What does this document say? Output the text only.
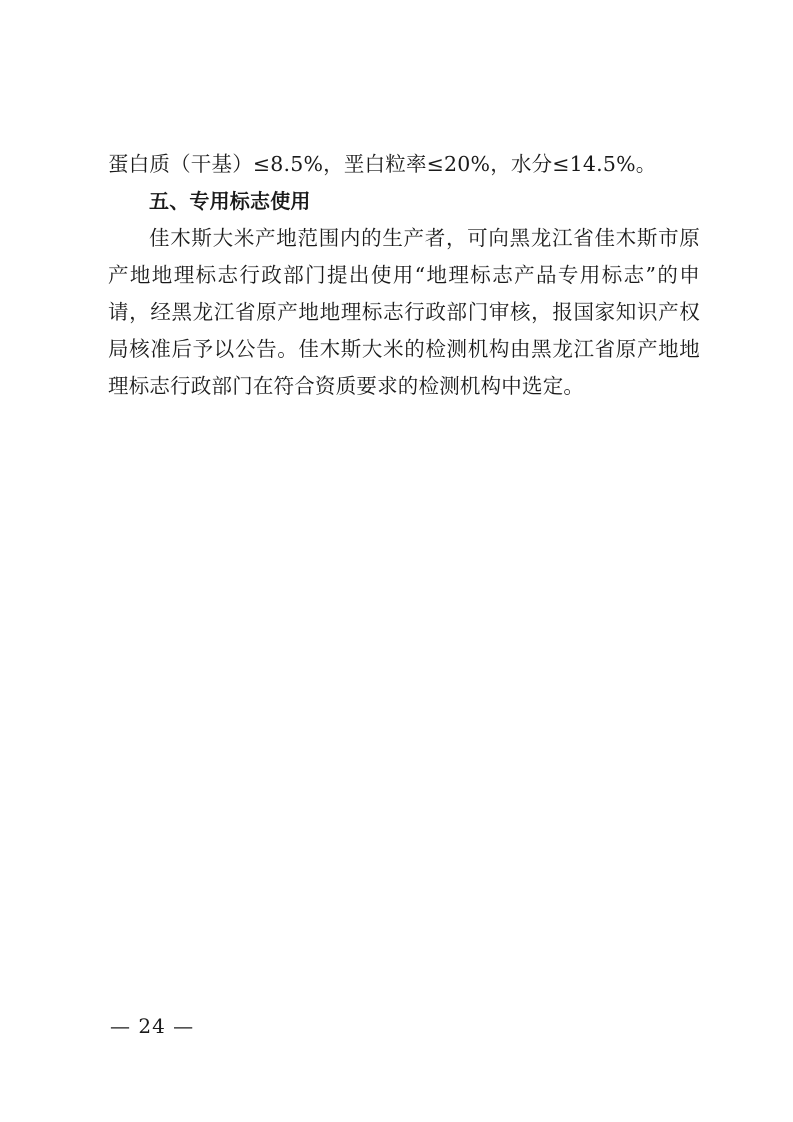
蛋白质（干基）≤8.5%，垩白粒率≤20%，水分≤14.5%。

五、专用标志使用

佳木斯大米产地范围内的生产者，可向黑龙江省佳木斯市原产地地理标志行政部门提出使用“地理标志产品专用标志”的申请，经黑龙江省原产地地理标志行政部门审核，报国家知识产权局核准后予以公告。佳木斯大米的检测机构由黑龙江省原产地地理标志行政部门在符合资质要求的检测机构中选定。

— 24 —
